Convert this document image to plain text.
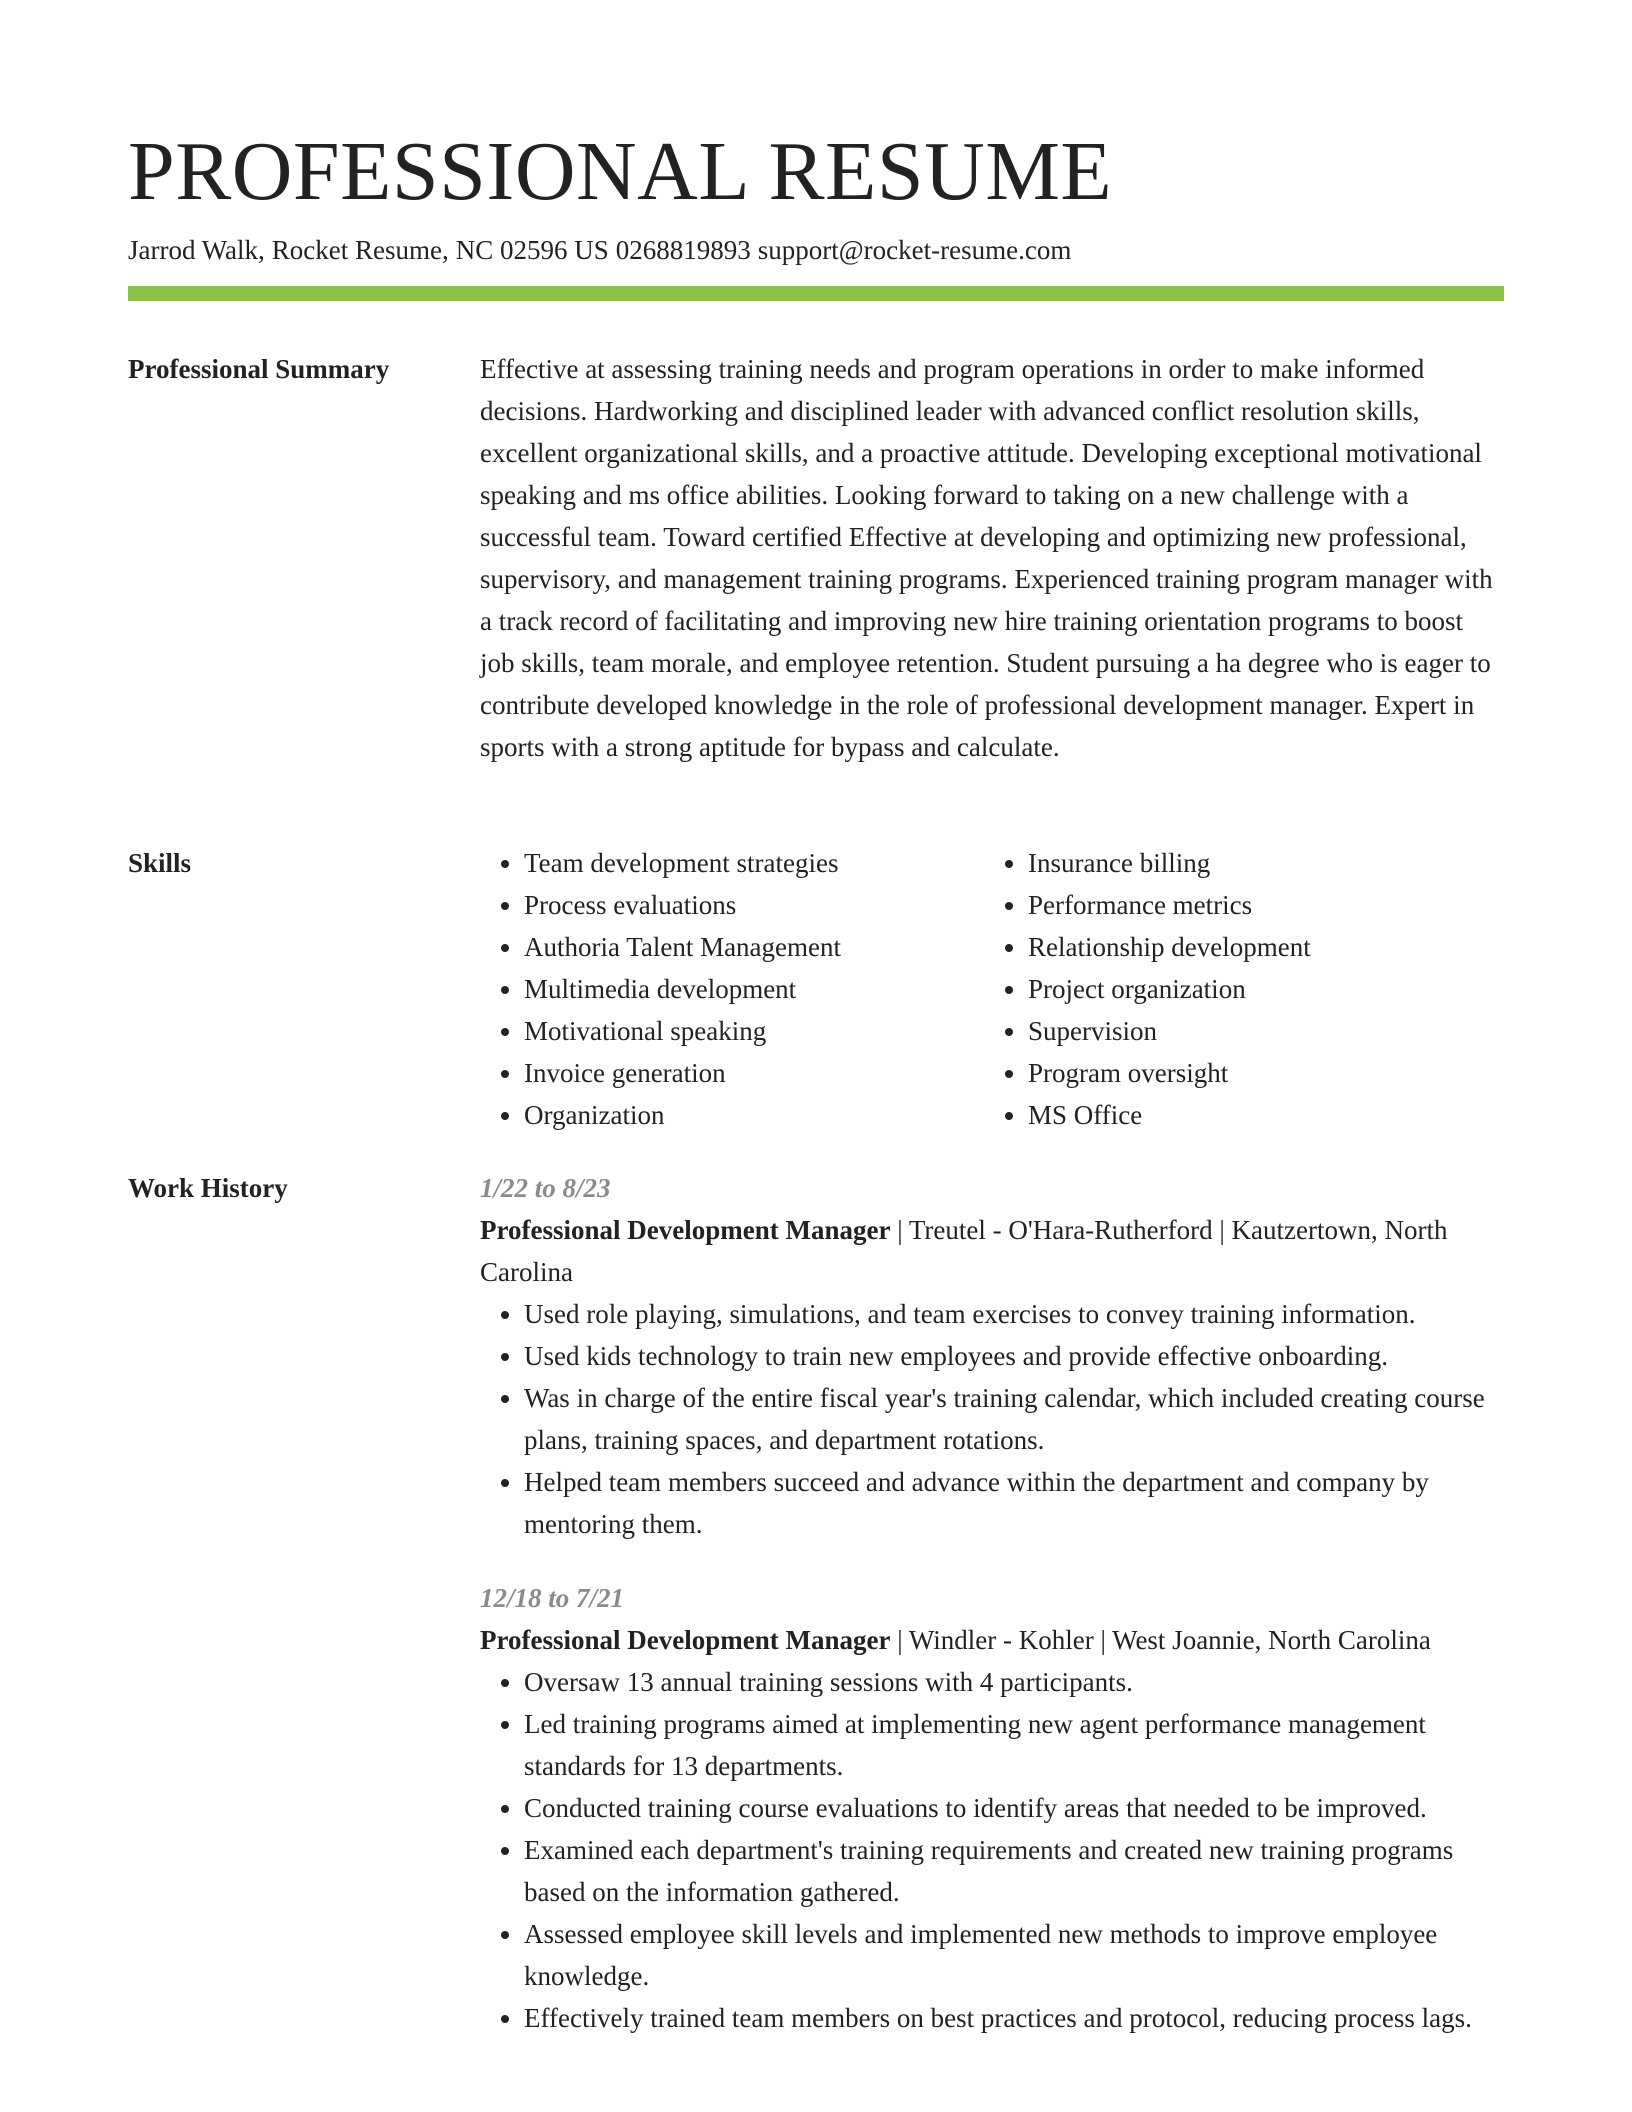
PROFESSIONAL RESUME
Jarrod Walk, Rocket Resume, NC 02596 US 0268819893 support@rocket-resume.com
Professional Summary	Effective at assessing training needs and program operations in order to make informed decisions. Hardworking and disciplined leader with advanced conflict resolution skills, excellent organizational skills, and a proactive attitude. Developing exceptional motivational speaking and ms office abilities. Looking forward to taking on a new challenge with a successful team. Toward certified Effective at developing and optimizing new professional, supervisory, and management training programs. Experienced training program manager with a track record of facilitating and improving new hire training orientation programs to boost job skills, team morale, and employee retention. Student pursuing a ha degree who is eager to contribute developed knowledge in the role of professional development manager. Expert in sports with a strong aptitude for bypass and calculate.

Skills
•	Team development strategies
• Process evaluations
• Authoria Talent Management
• Multimedia development
• Motivational speaking
• Invoice generation
• Organization
• Insurance billing
• Performance metrics
• Relationship development
• Project organization
• Supervision
• Program oversight
• MS Office
Work History	1/22 to 8/23
Professional Development Manager | Treutel - O'Hara-Rutherford | Kautzertown, North Carolina
• Used role playing, simulations, and team exercises to convey training information.
• Used kids technology to train new employees and provide effective onboarding.
• Was in charge of the entire fiscal year's training calendar, which included creating course plans, training spaces, and department rotations.
• Helped team members succeed and advance within the department and company by mentoring them.
12/18 to 7/21
Professional Development Manager | Windler - Kohler | West Joannie, North Carolina
• Oversaw 13 annual training sessions with 4 participants.
• Led training programs aimed at implementing new agent performance management standards for 13 departments.
• Conducted training course evaluations to identify areas that needed to be improved.
• Examined each department's training requirements and created new training programs based on the information gathered.
• Assessed employee skill levels and implemented new methods to improve employee knowledge.
• Effectively trained team members on best practices and protocol, reducing process lags.
